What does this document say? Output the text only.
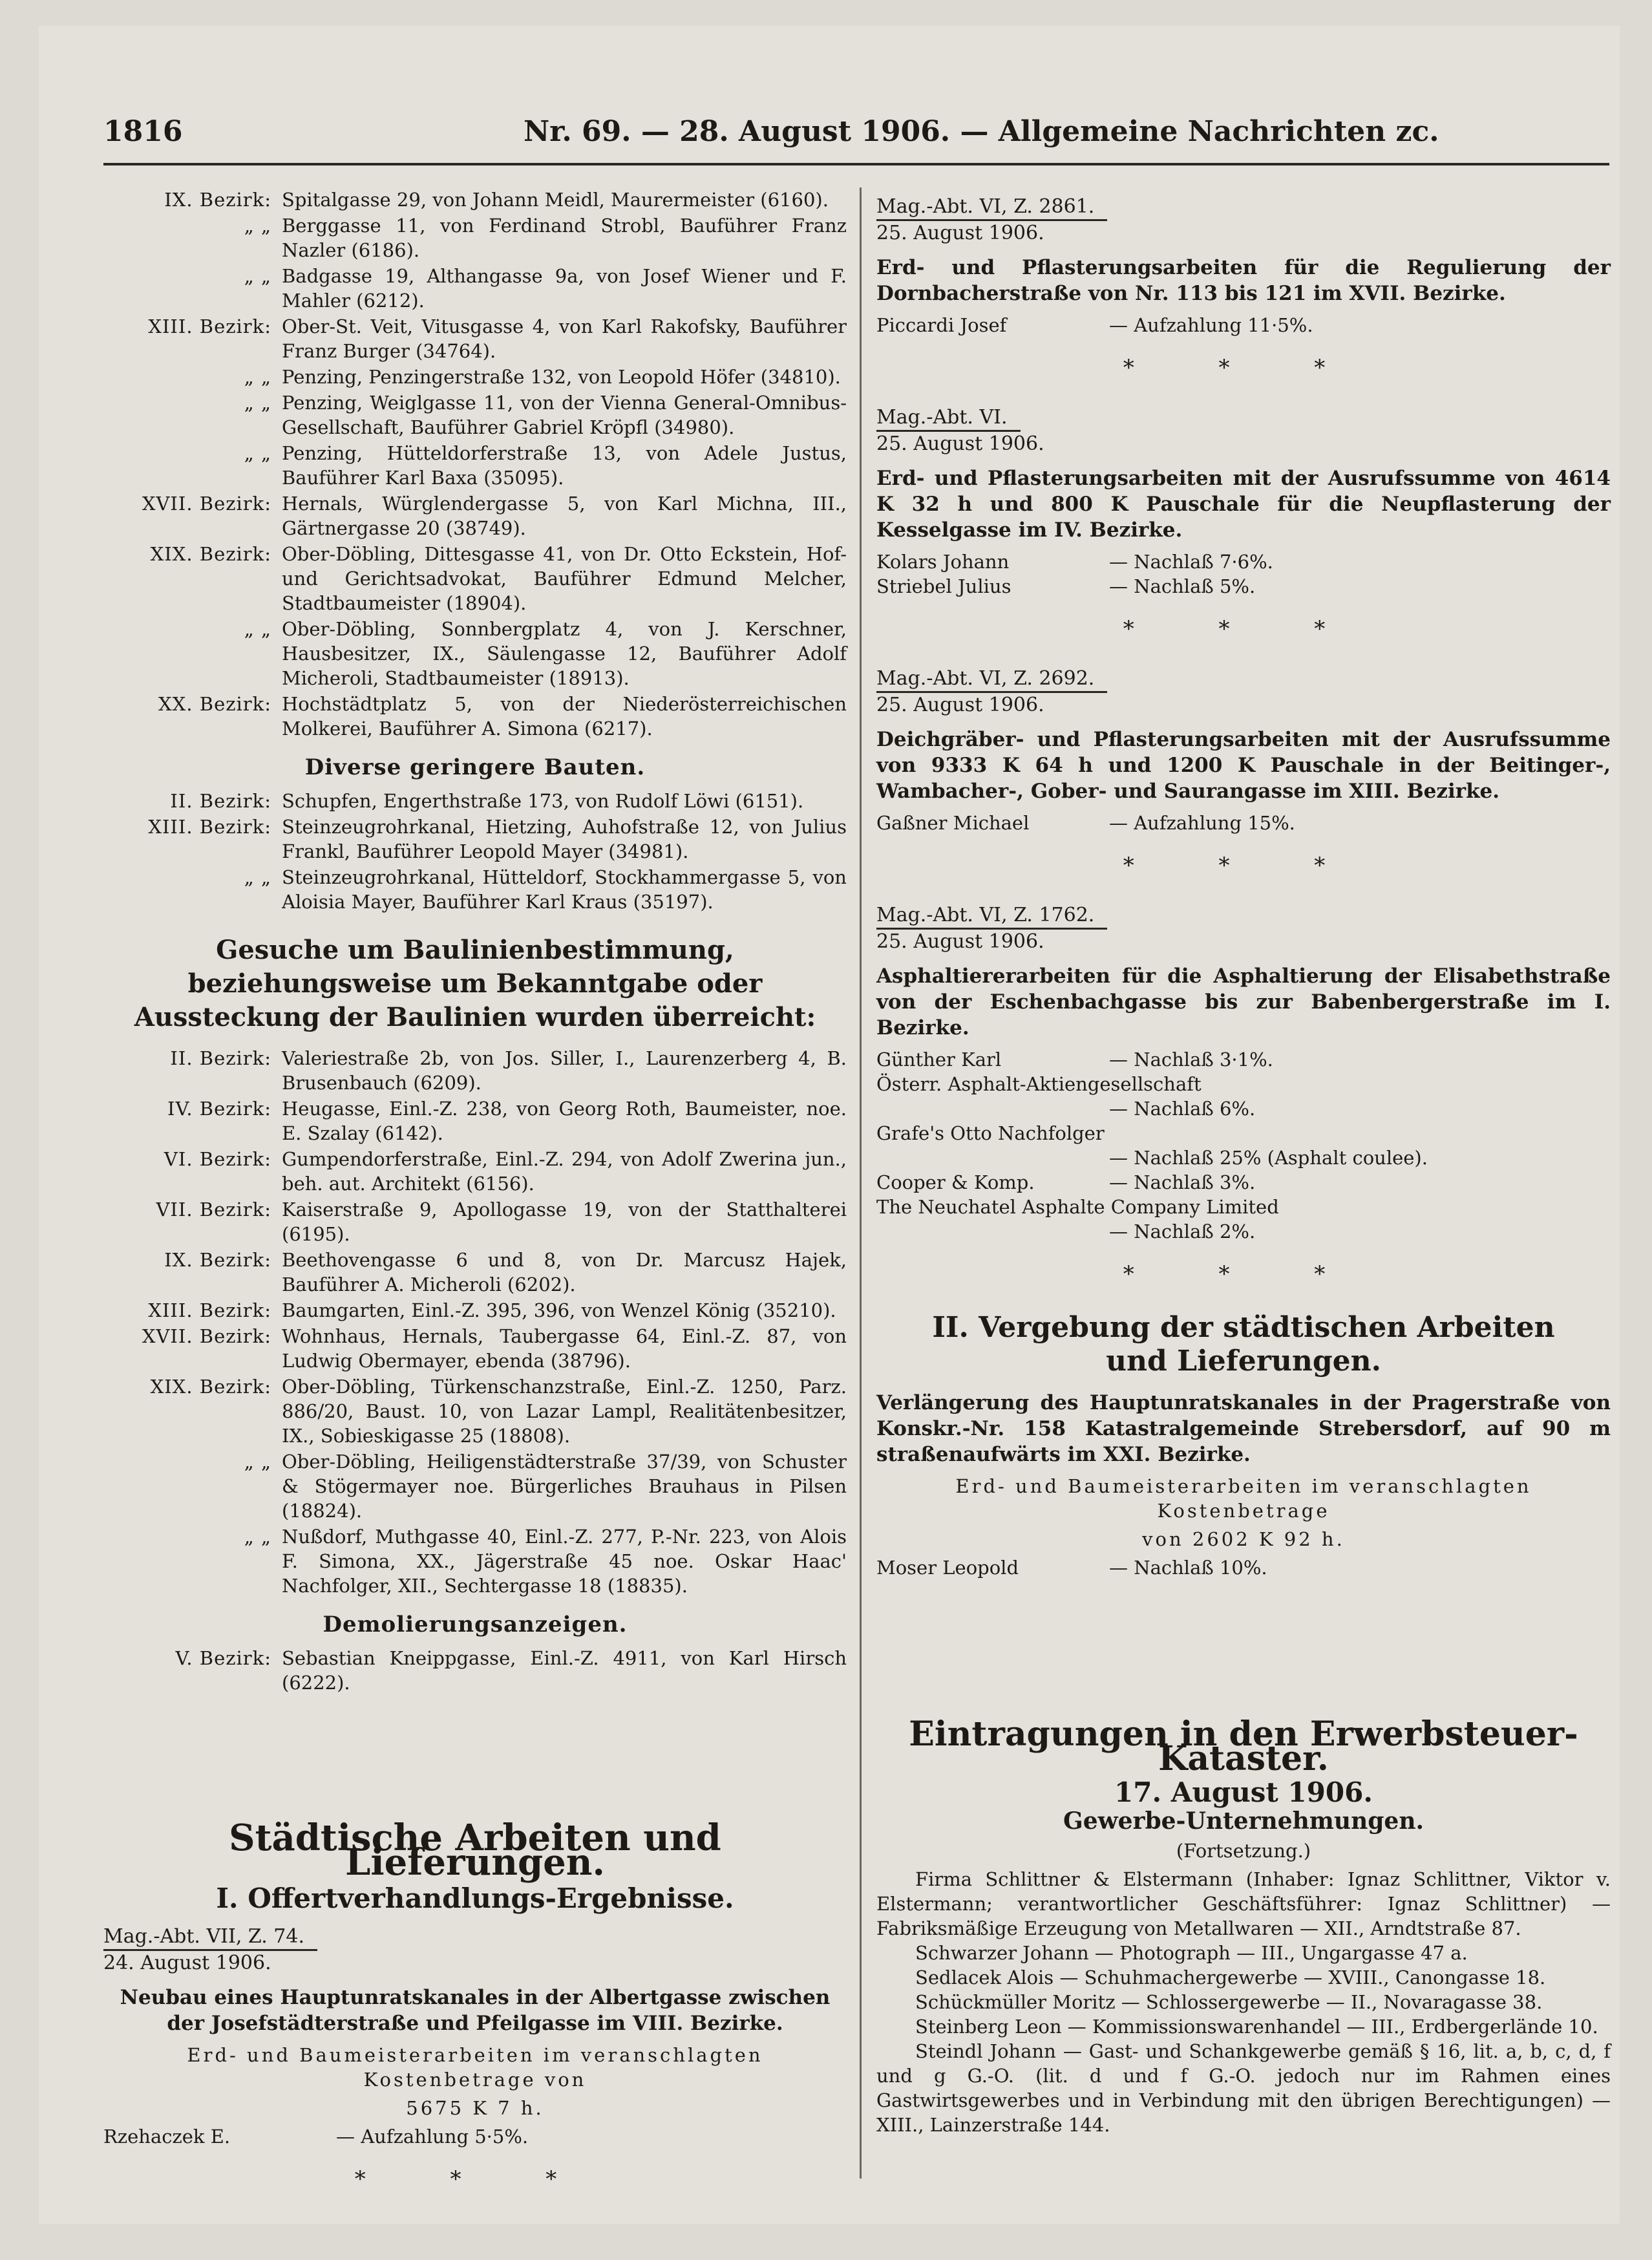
1816	Nr. 69. — 28. August 1906. — Allgemeine Nachrichten zc.
IX. Bezirk: Spitalgasse 29, von Johann Meidl, Maurermeister (6160).
„ „ Berggasse 11, von Ferdinand Strobl, Bauführer Franz Nazler (6186).
„ „ Badgasse 19, Althangasse 9a, von Josef Wiener und F. Mahler (6212).
XIII. Bezirk: Ober-St. Veit, Vitusgasse 4, von Karl Rakofsky, Bauführer Franz Burger (34764).
„ „ Penzing, Penzingerstraße 132, von Leopold Höfer (34810).
„ „ Penzing, Weiglgasse 11, von der Vienna General-Omnibus-Gesellschaft, Bauführer Gabriel Kröpfl (34980).
„ „ Penzing, Hütteldorferstraße 13, von Adele Justus, Bauführer Karl Baxa (35095).
XVII. Bezirk: Hernals, Würglendergasse 5, von Karl Michna, III., Gärtnergasse 20 (38749).
XIX. Bezirk: Ober-Döbling, Dittesgasse 41, von Dr. Otto Eckstein, Hof- und Gerichtsadvokat, Bauführer Edmund Melcher, Stadtbaumeister (18904).
„ „ Ober-Döbling, Sonnbergplatz 4, von J. Kerschner, Hausbesitzer, IX., Säulengasse 12, Bauführer Adolf Micheroli, Stadtbaumeister (18913).
XX. Bezirk: Hochstädtplatz 5, von der Niederösterreichischen Molkerei, Bauführer A. Simona (6217).
Diverse geringere Bauten.
II. Bezirk: Schupfen, Engerthstraße 173, von Rudolf Löwi (6151).
XIII. Bezirk: Steinzeugrohrkanal, Hietzing, Auhofstraße 12, von Julius Frankl, Bauführer Leopold Mayer (34981).
„ „ Steinzeugrohrkanal, Hütteldorf, Stockhammergasse 5, von Aloisia Mayer, Bauführer Karl Kraus (35197).
Gesuche um Baulinienbestimmung, beziehungsweise um Bekanntgabe oder Aussteckung der Baulinien wurden überreicht:
II. Bezirk: Valeriestraße 2b, von Jos. Siller, I., Laurenzerberg 4, B. Brusenbauch (6209).
IV. Bezirk: Heugasse, Einl.-Z. 238, von Georg Roth, Baumeister, noe. E. Szalay (6142).
VI. Bezirk: Gumpendorferstraße, Einl.-Z. 294, von Adolf Zwerina jun., beh. aut. Architekt (6156).
VII. Bezirk: Kaiserstraße 9, Apollogasse 19, von der Statthalterei (6195).
IX. Bezirk: Beethovengasse 6 und 8, von Dr. Marcusz Hajek, Bauführer A. Micheroli (6202).
XIII. Bezirk: Baumgarten, Einl.-Z. 395, 396, von Wenzel König (35210).
XVII. Bezirk: Wohnhaus, Hernals, Taubergasse 64, Einl.-Z. 87, von Ludwig Obermayer, ebenda (38796).
XIX. Bezirk: Ober-Döbling, Türkenschanzstraße, Einl.-Z. 1250, Parz. 886/20, Baust. 10, von Lazar Lampl, Realitätenbesitzer, IX., Sobieskigasse 25 (18808).
„ „ Ober-Döbling, Heiligenstädterstraße 37/39, von Schuster & Stögermayer noe. Bürgerliches Brauhaus in Pilsen (18824).
„ „ Nußdorf, Muthgasse 40, Einl.-Z. 277, P.-Nr. 223, von Alois F. Simona, XX., Jägerstraße 45 noe. Oskar Haac' Nachfolger, XII., Sechtergasse 18 (18835).
Demolierungsanzeigen.
V. Bezirk: Sebastian Kneippgasse, Einl.-Z. 4911, von Karl Hirsch (6222).
Städtische Arbeiten und Lieferungen.
I. Offertverhandlungs-Ergebnisse.
Mag.-Abt. VII, Z. 74.
24. August 1906.
Neubau eines Hauptunratskanales in der Albertgasse zwischen der Josefstädterstraße und Pfeilgasse im VIII. Bezirke.
Erd- und Baumeisterarbeiten im veranschlagten Kostenbetrage von
5675 K 7 h.
Rzehaczek E.	— Aufzahlung 5·5%.
* * *
Mag.-Abt. VI, Z. 2861.
25. August 1906.
Erd- und Pflasterungsarbeiten für die Regulierung der Dornbacherstraße von Nr. 113 bis 121 im XVII. Bezirke.
Piccardi Josef	— Aufzahlung 11·5%.
* * *
Mag.-Abt. VI.
25. August 1906.
Erd- und Pflasterungsarbeiten mit der Ausrufssumme von 4614 K 32 h und 800 K Pauschale für die Neupflasterung der Kesselgasse im IV. Bezirke.
Kolars Johann	— Nachlaß 7·6%.
Striebel Julius	— Nachlaß 5%.
* * *
Mag.-Abt. VI, Z. 2692.
25. August 1906.
Deichgräber- und Pflasterungsarbeiten mit der Ausrufssumme von 9333 K 64 h und 1200 K Pauschale in der Beitinger-, Wambacher-, Gober- und Saurangasse im XIII. Bezirke.
Gaßner Michael	— Aufzahlung 15%.
* * *
Mag.-Abt. VI, Z. 1762.
25. August 1906.
Asphaltiererarbeiten für die Asphaltierung der Elisabethstraße von der Eschenbachgasse bis zur Babenbergerstraße im I. Bezirke.
Günther Karl	— Nachlaß 3·1%.
Österr. Asphalt-Aktiengesellschaft
— Nachlaß 6%.
Grafe's Otto Nachfolger
— Nachlaß 25% (Asphalt coulee).
Cooper & Komp.	— Nachlaß 3%.
The Neuchatel Asphalte Company Limited
— Nachlaß 2%.
* * *
II. Vergebung der städtischen Arbeiten und Lieferungen.
Verlängerung des Hauptunratskanales in der Pragerstraße von Konskr.-Nr. 158 Katastralgemeinde Strebersdorf, auf 90 m straßenaufwärts im XXI. Bezirke.
Erd- und Baumeisterarbeiten im veranschlagten Kostenbetrage
von 2602 K 92 h.
Moser Leopold	— Nachlaß 10%.
Eintragungen in den Erwerbsteuer-Kataster.
17. August 1906.
Gewerbe-Unternehmungen.
(Fortsetzung.)
Firma Schlittner & Elstermann (Inhaber: Ignaz Schlittner, Viktor v. Elstermann; verantwortlicher Geschäftsführer: Ignaz Schlittner) — Fabriksmäßige Erzeugung von Metallwaren — XII., Arndtstraße 87.
Schwarzer Johann — Photograph — III., Ungargasse 47 a.
Sedlacek Alois — Schuhmachergewerbe — XVIII., Canongasse 18.
Schückmüller Moritz — Schlossergewerbe — II., Novaragasse 38.
Steinberg Leon — Kommissionswarenhandel — III., Erdbergerlände 10.
Steindl Johann — Gast- und Schankgewerbe gemäß § 16, lit. a, b, c, d, f und g G.-O. (lit. d und f G.-O. jedoch nur im Rahmen eines Gastwirtsgewerbes und in Verbindung mit den übrigen Berechtigungen) — XIII., Lainzerstraße 144.
